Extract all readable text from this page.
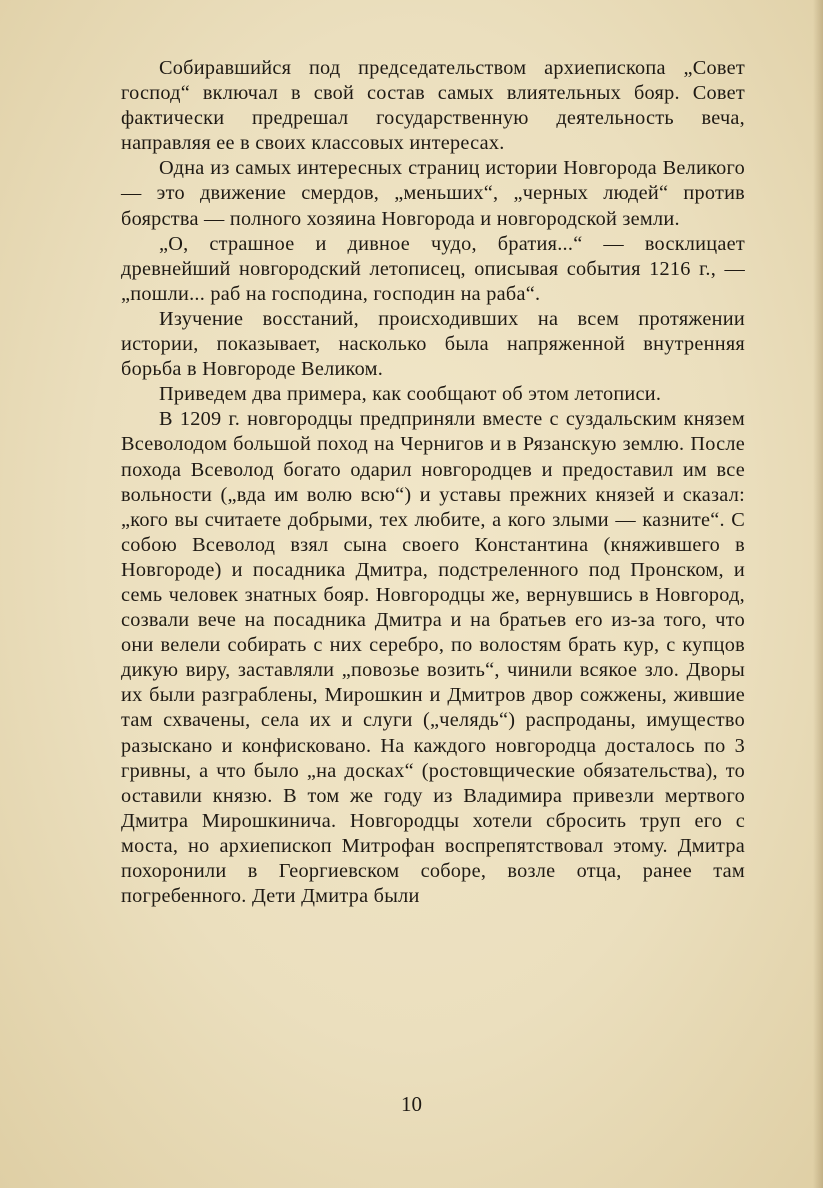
Собиравшийся под председательством архиепископа „Совет господ“ включал в свой состав самых влиятельных бояр. Совет фактически предрешал государственную деятельность веча, направляя ее в своих классовых интересах.

Одна из самых интересных страниц истории Новгорода Великого — это движение смердов, „меньших“, „черных людей“ против боярства — полного хозяина Новгорода и новгородской земли.

„О, страшное и дивное чудо, братия...“ — восклицает древнейший новгородский летописец, описывая события 1216 г., — „пошли... раб на господина, господин на раба“.

Изучение восстаний, происходивших на всем протяжении истории, показывает, насколько была напряженной внутренняя борьба в Новгороде Великом.

Приведем два примера, как сообщают об этом летописи.

В 1209 г. новгородцы предприняли вместе с суздальским князем Всеволодом большой поход на Чернигов и в Рязанскую землю. После похода Всеволод богато одарил новгородцев и предоставил им все вольности („вда им волю всю“) и уставы прежних князей и сказал: „кого вы считаете добрыми, тех любите, а кого злыми — казните“. С собою Всеволод взял сына своего Константина (княжившего в Новгороде) и посадника Дмитра, подстреленного под Пронском, и семь человек знатных бояр. Новгородцы же, вернувшись в Новгород, созвали вече на посадника Дмитра и на братьев его из-за того, что они велели собирать с них серебро, по волостям брать кур, с купцов дикую виру, заставляли „повозье возить“, чинили всякое зло. Дворы их были разграблены, Мирошкин и Дмитров двор сожжены, жившие там схвачены, села их и слуги („челядь“) распроданы, имущество разыскано и конфисковано. На каждого новгородца досталось по 3 гривны, а что было „на досках“ (ростовщические обязательства), то оставили князю. В том же году из Владимира привезли мертвого Дмитра Мирошкинича. Новгородцы хотели сбросить труп его с моста, но архиепископ Митрофан воспрепятствовал этому. Дмитра похоронили в Георгиевском соборе, возле отца, ранее там погребенного. Дети Дмитра были

10
